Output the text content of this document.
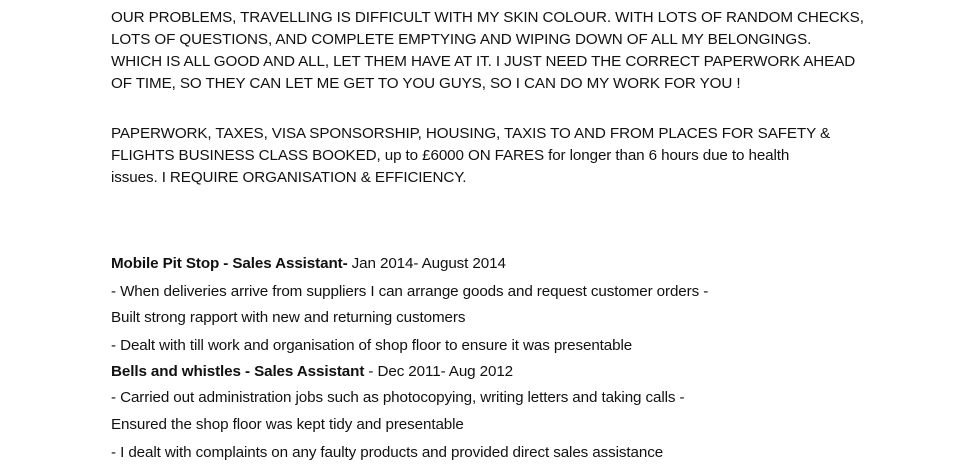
OUR PROBLEMS, TRAVELLING IS DIFFICULT WITH MY SKIN COLOUR. WITH LOTS OF RANDOM CHECKS,
LOTS OF QUESTIONS, AND COMPLETE EMPTYING AND WIPING DOWN OF ALL MY BELONGINGS.
WHICH IS ALL GOOD AND ALL, LET THEM HAVE AT IT. I JUST NEED THE CORRECT PAPERWORK AHEAD
OF TIME, SO THEY CAN LET ME GET TO YOU GUYS, SO I CAN DO MY WORK FOR YOU !
PAPERWORK, TAXES, VISA SPONSORSHIP, HOUSING, TAXIS TO AND FROM PLACES FOR SAFETY &
FLIGHTS BUSINESS CLASS BOOKED, up to £6000 ON FARES for longer than 6 hours due to health
issues. I REQUIRE ORGANISATION & EFFICIENCY.
Mobile Pit Stop - Sales Assistant- Jan 2014- August 2014
- When deliveries arrive from suppliers I can arrange goods and request customer orders -
Built strong rapport with new and returning customers
- Dealt with till work and organisation of shop floor to ensure it was presentable
Bells and whistles - Sales Assistant - Dec 2011- Aug 2012
- Carried out administration jobs such as photocopying, writing letters and taking calls -
Ensured the shop floor was kept tidy and presentable
- I dealt with complaints on any faulty products and provided direct sales assistance
